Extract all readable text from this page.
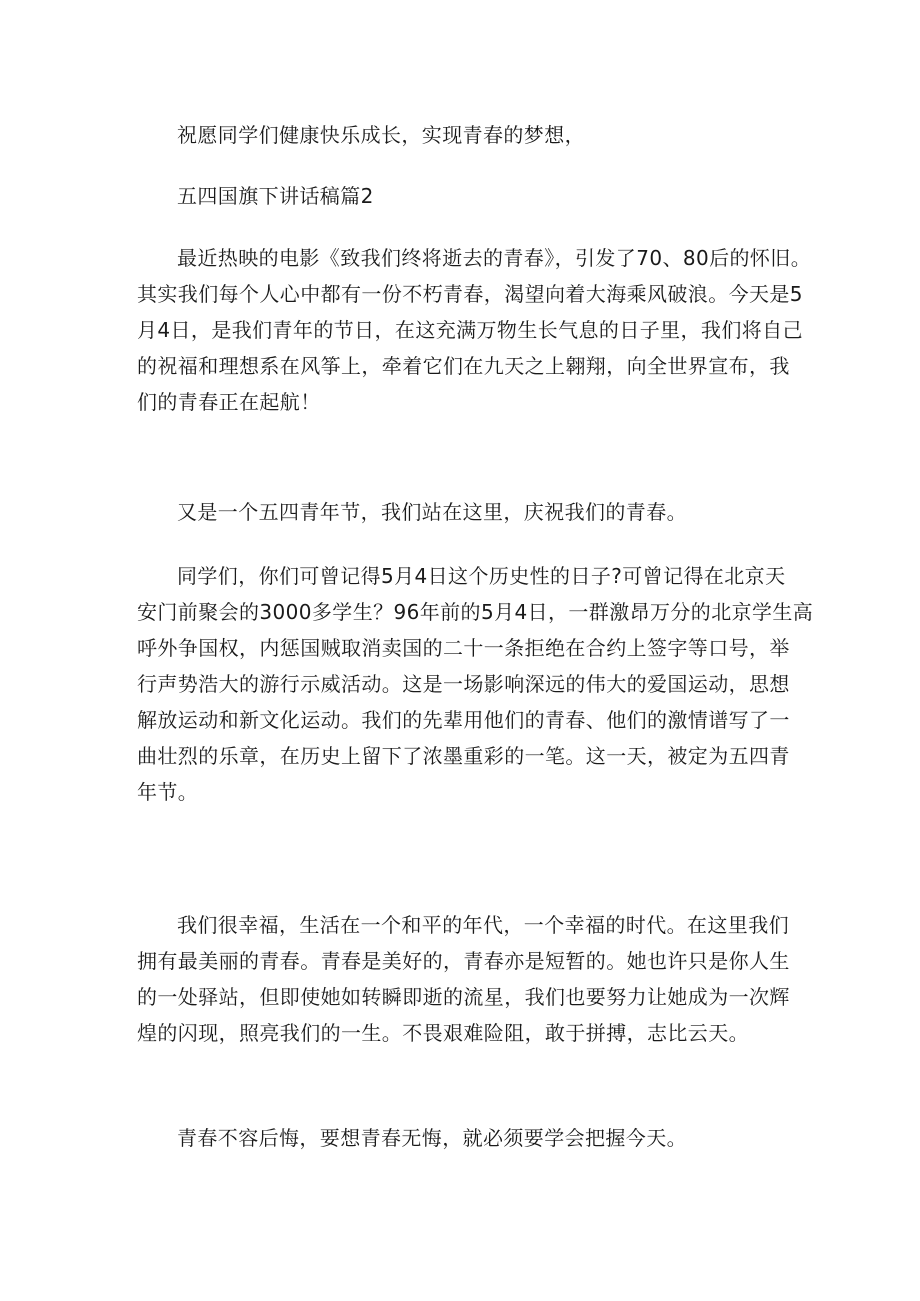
祝愿同学们健康快乐成长，实现青春的梦想，
五四国旗下讲话稿篇2
最近热映的电影《致我们终将逝去的青春》，引发了70、80后的怀旧。
其实我们每个人心中都有一份不朽青春，渴望向着大海乘风破浪。今天是5
月4日，是我们青年的节日，在这充满万物生长气息的日子里，我们将自己
的祝福和理想系在风筝上，牵着它们在九天之上翱翔，向全世界宣布，我
们的青春正在起航！
又是一个五四青年节，我们站在这里，庆祝我们的青春。
同学们，你们可曾记得5月4日这个历史性的日子?可曾记得在北京天
安门前聚会的3000多学生？96年前的5月4日，一群激昂万分的北京学生高
呼外争国权，内惩国贼取消卖国的二十一条拒绝在合约上签字等口号，举
行声势浩大的游行示威活动。这是一场影响深远的伟大的爱国运动，思想
解放运动和新文化运动。我们的先辈用他们的青春、他们的激情谱写了一
曲壮烈的乐章，在历史上留下了浓墨重彩的一笔。这一天，被定为五四青
年节。
我们很幸福，生活在一个和平的年代，一个幸福的时代。在这里我们
拥有最美丽的青春。青春是美好的，青春亦是短暂的。她也许只是你人生
的一处驿站，但即使她如转瞬即逝的流星，我们也要努力让她成为一次辉
煌的闪现，照亮我们的一生。不畏艰难险阻，敢于拼搏，志比云天。
青春不容后悔，要想青春无悔，就必须要学会把握今天。
